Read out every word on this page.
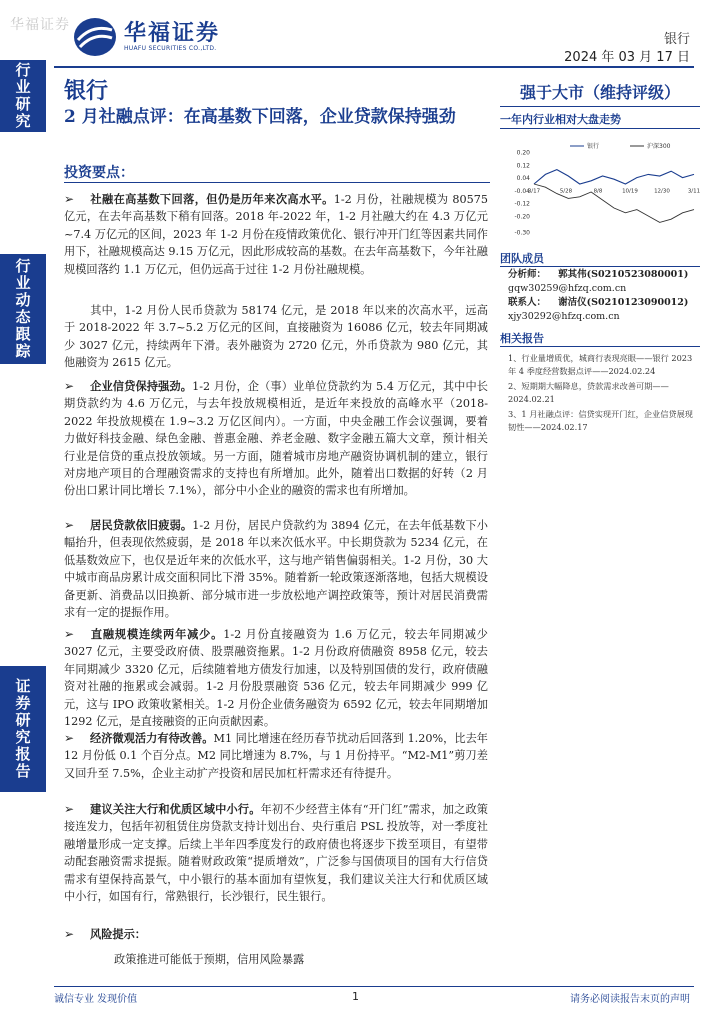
华福证券 华福证券
HUAFU SECURITIES CO.,LTD.
银行
2024 年 03 月 17 日
行业研究
行业动态跟踪
证券研究报告
银行
2 月社融点评：在高基数下回落，企业贷款保持强劲
投资要点：
➢ 社融在高基数下回落，但仍是历年来次高水平。1-2 月份，社融规模为 80575 亿元，在去年高基数下稍有回落。2018 年-2022 年，1-2 月社融大约在 4.3 万亿元~7.4 万亿元的区间，2023 年 1-2 月份在疫情政策优化、银行冲开门红等因素共同作用下，社融规模高达 9.15 万亿元，因此形成较高的基数。在去年高基数下，今年社融规模回落约 1.1 万亿元，但仍远高于过往 1-2 月份社融规模。
其中，1-2 月份人民币贷款为 58174 亿元，是 2018 年以来的次高水平，远高于 2018-2022 年 3.7~5.2 万亿元的区间，直接融资为 16086 亿元，较去年同期减少 3027 亿元，持续两年下滑。表外融资为 2720 亿元，外币贷款为 980 亿元，其他融资为 2615 亿元。
➢ 企业信贷保持强劲。1-2 月份，企（事）业单位贷款约为 5.4 万亿元，其中中长期贷款约为 4.6 万亿元，与去年投放规模相近，是近年来投放的高峰水平（2018-2022 年投放规模在 1.9~3.2 万亿区间内）。一方面，中央金融工作会议强调，要着力做好科技金融、绿色金融、普惠金融、养老金融、数字金融五篇大文章，预计相关行业是信贷的重点投放领域。另一方面，随着城市房地产融资协调机制的建立，银行对房地产项目的合理融资需求的支持也有所增加。此外，随着出口数据的好转（2 月份出口累计同比增长 7.1%），部分中小企业的融资的需求也有所增加。
➢ 居民贷款依旧疲弱。1-2 月份，居民户贷款约为 3894 亿元，在去年低基数下小幅抬升，但表现依然疲弱，是 2018 年以来次低水平。中长期贷款为 5234 亿元，在低基数效应下，也仅是近年来的次低水平，这与地产销售偏弱相关。1-2 月份，30 大中城市商品房累计成交面积同比下滑 35%。随着新一轮政策逐渐落地，包括大规模设备更新、消费品以旧换新、部分城市进一步放松地产调控政策等，预计对居民消费需求有一定的提振作用。
➢ 直融规模连续两年减少。1-2 月份直接融资为 1.6 万亿元，较去年同期减少 3027 亿元，主要受政府债、股票融资拖累。1-2 月份政府债融资 8958 亿元，较去年同期减少 3320 亿元，后续随着地方债发行加速，以及特别国债的发行，政府债融资对社融的拖累或会减弱。1-2 月份股票融资 536 亿元，较去年同期减少 999 亿元，这与 IPO 政策收紧相关。1-2 月份企业债务融资为 6592 亿元，较去年同期增加 1292 亿元，是直接融资的正向贡献因素。
➢ 经济微观活力有待改善。M1 同比增速在经历春节扰动后回落到 1.20%，比去年 12 月份低 0.1 个百分点。M2 同比增速为 8.7%，与 1 月份持平。“M2-M1”剪刀差又回升至 7.5%，企业主动扩产投资和居民加杠杆需求还有待提升。
➢ 建议关注大行和优质区域中小行。年初不少经营主体有“开门红”需求，加之政策接连发力，包括年初租赁住房贷款支持计划出台、央行重启 PSL 投放等，对一季度社融增量形成一定支撑。后续上半年四季度发行的政府债也将逐步下拨至项目，有望带动配套融资需求提振。随着财政政策“提质增效”，广泛参与国债项目的国有大行信贷需求有望保持高景气，中小银行的基本面加有望恢复，我们建议关注大行和优质区域中小行，如国有行，常熟银行，长沙银行，民生银行。
➢ 风险提示：
政策推进可能低于预期，信用风险暴露
强于大市（维持评级）
一年内行业相对大盘走势
0.20
0.12
0.04
-0.04
-0.12
-0.20
-0.30
3/17	5/28	8/8	10/19	12/30	3/11
银行	沪深300
团队成员
分析师： 郭其伟(S0210523080001)
gqw30259@hfzq.com.cn
联系人： 谢洁仪(S0210123090012)
xjy30292@hfzq.com.cn
相关报告
1、行业量增质优，城商行表现亮眼——银行 2023 年 4 季度经营数据点评——2024.02.24
2、短期期大幅降息，贷款需求改善可期——2024.02.21
3、1 月社融点评：信贷实现开门红，企业信贷展现韧性——2024.02.17
诚信专业 发现价值	1	请务必阅读报告末页的声明
